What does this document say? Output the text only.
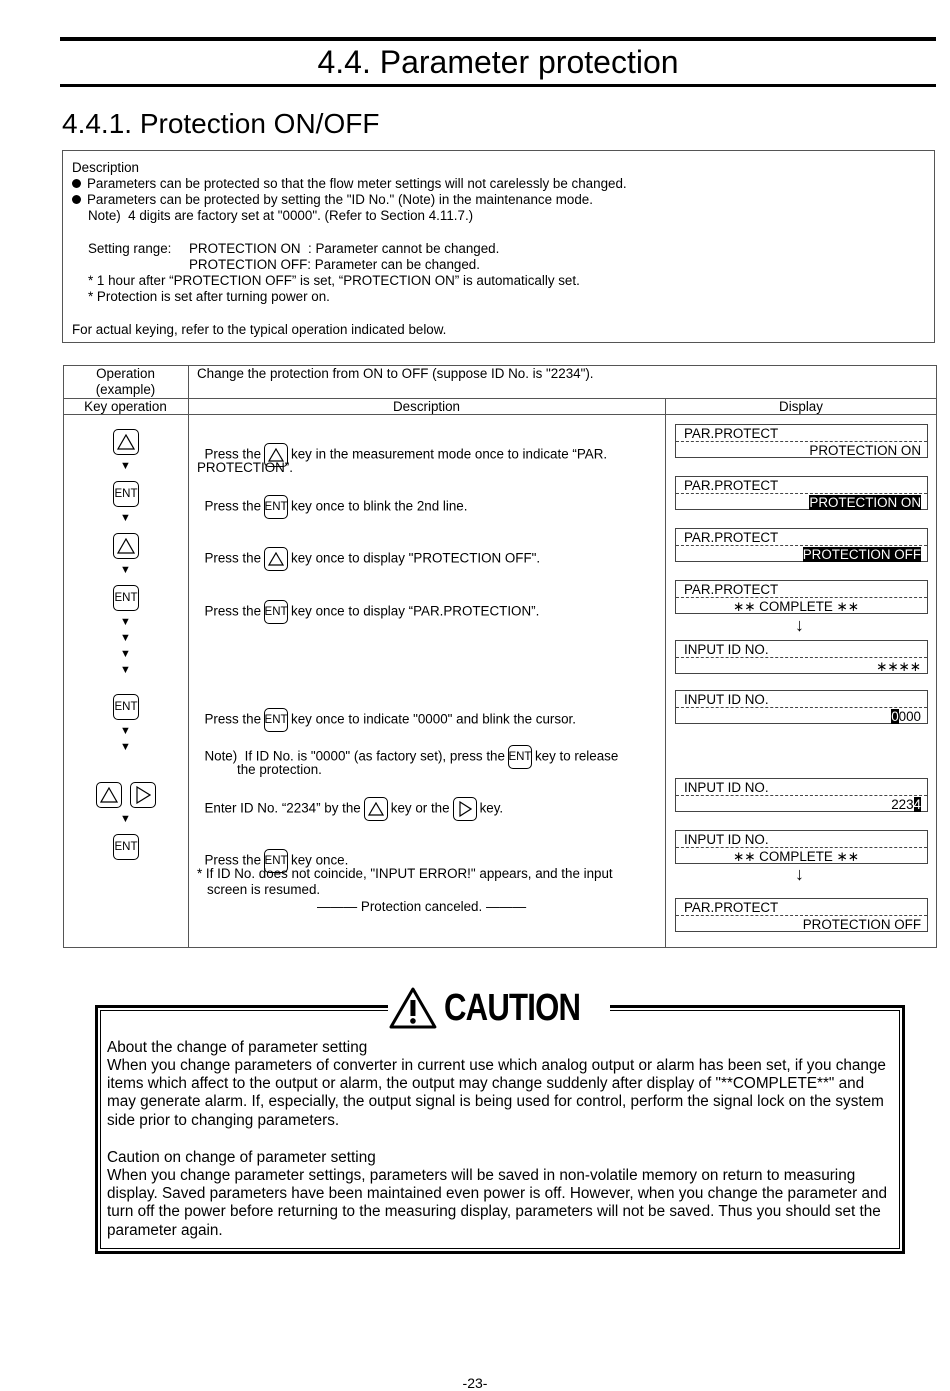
4.4. Parameter protection
4.4.1. Protection ON/OFF
Description
Parameters can be protected so that the flow meter settings will not carelessly be changed.
Parameters can be protected by setting the "ID No." (Note) in the maintenance mode.
Note)  4 digits are factory set at "0000". (Refer to Section 4.11.7.)
Setting range: PROTECTION ON  : Parameter cannot be changed.
PROTECTION OFF: Parameter can be changed.
* 1 hour after “PROTECTION OFF” is set, “PROTECTION ON” is automatically set.
* Protection is set after turning power on.
For actual keying, refer to the typical operation indicated below.
Operation
(example)
Change the protection from ON to OFF (suppose ID No. is "2234").
Key operation	Description	Display
▼
ENT
▼
▼
ENT
▼
▼
▼
▼
ENT
▼
▼
▼
ENT

Press the key in the measurement mode once to indicate “PAR.

PROTECTION”.

Press the ENT key once to blink the 2nd line.

Press the key once to display "PROTECTION OFF".

Press the ENT key once to display “PAR.PROTECTION”.

Press the ENT key once to indicate "0000" and blink the cursor.

Note)  If ID No. is "0000" (as factory set), press the ENT key to release

the protection.

Enter ID No. “2234” by the key or the key.

Press the ENT key once.

* If ID No. does not coincide, "INPUT ERROR!" appears, and the input
screen is resumed.
――― Protection canceled. ―――
PAR.PROTECT
PROTECTION ON
PAR.PROTECT
PROTECTION ON
PAR.PROTECT
PROTECTION OFF
PAR.PROTECT
∗∗ COMPLETE ∗∗
↓
INPUT ID NO.
∗∗∗∗
INPUT ID NO.
0000
INPUT ID NO.
2234
INPUT ID NO.
∗∗ COMPLETE ∗∗
↓
PAR.PROTECT
PROTECTION OFF
CAUTION
About the change of parameter setting
When you change parameters of converter in current use which analog output or alarm has been set, if you change items which affect to the output or alarm, the output may change suddenly after display of "**COMPLETE**" and may generate alarm. If, especially, the output signal is being used for control, perform the signal lock on the system side prior to changing parameters.
Caution on change of parameter setting
When you change parameter settings, parameters will be saved in non-volatile memory on return to measuring display. Saved parameters have been maintained even power is off. However, when you change the parameter and turn off the power before returning to the measuring display, parameters will not be saved. Thus you should set the parameter again.
-23-
